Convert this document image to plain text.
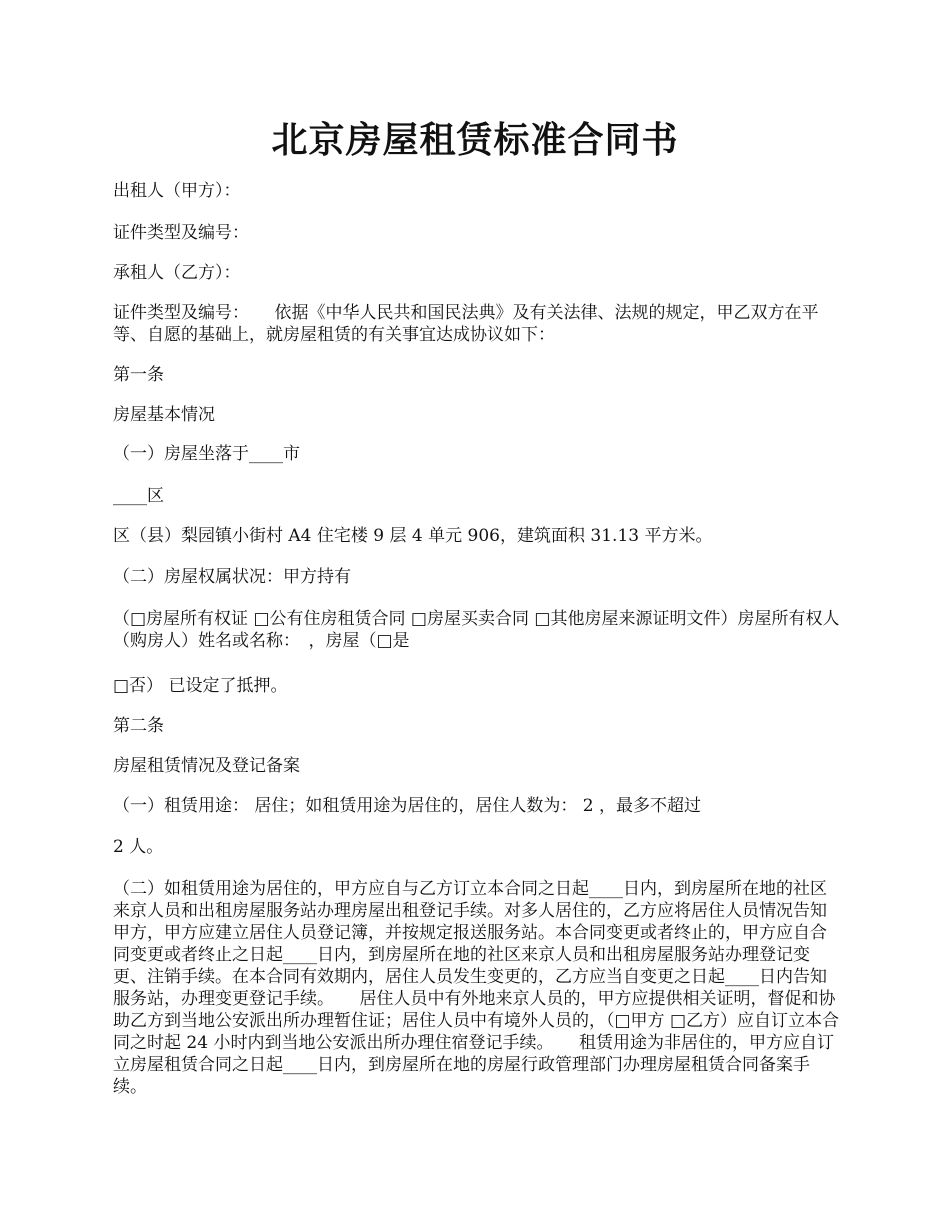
北京房屋租赁标准合同书
出租人（甲方）：
证件类型及编号：
承租人（乙方）：
证件类型及编号：　　依据《中华人民共和国民法典》及有关法律、法规的规定，甲乙双方在平等、自愿的基础上，就房屋租赁的有关事宜达成协议如下：
第一条
房屋基本情况
（一）房屋坐落于____市
____区
区（县）梨园镇小街村 A4 住宅楼 9 层 4 单元 906，建筑面积 31.13 平方米。
（二）房屋权属状况：甲方持有
（□房屋所有权证 □公有住房租赁合同 □房屋买卖合同 □其他房屋来源证明文件）房屋所有权人（购房人）姓名或名称：　，房屋（□是
□否） 已设定了抵押。
第二条
房屋租赁情况及登记备案
（一）租赁用途： 居住；如租赁用途为居住的，居住人数为： 2 ，最多不超过
2 人。
（二）如租赁用途为居住的，甲方应自与乙方订立本合同之日起____日内，到房屋所在地的社区来京人员和出租房屋服务站办理房屋出租登记手续。对多人居住的，乙方应将居住人员情况告知甲方，甲方应建立居住人员登记簿，并按规定报送服务站。本合同变更或者终止的，甲方应自合同变更或者终止之日起____日内，到房屋所在地的社区来京人员和出租房屋服务站办理登记变更、注销手续。在本合同有效期内，居住人员发生变更的，乙方应当自变更之日起____日内告知服务站，办理变更登记手续。　　居住人员中有外地来京人员的，甲方应提供相关证明，督促和协助乙方到当地公安派出所办理暂住证；居住人员中有境外人员的，（□甲方 □乙方）应自订立本合同之时起 24 小时内到当地公安派出所办理住宿登记手续。　　租赁用途为非居住的，甲方应自订立房屋租赁合同之日起____日内，到房屋所在地的房屋行政管理部门办理房屋租赁合同备案手续。
